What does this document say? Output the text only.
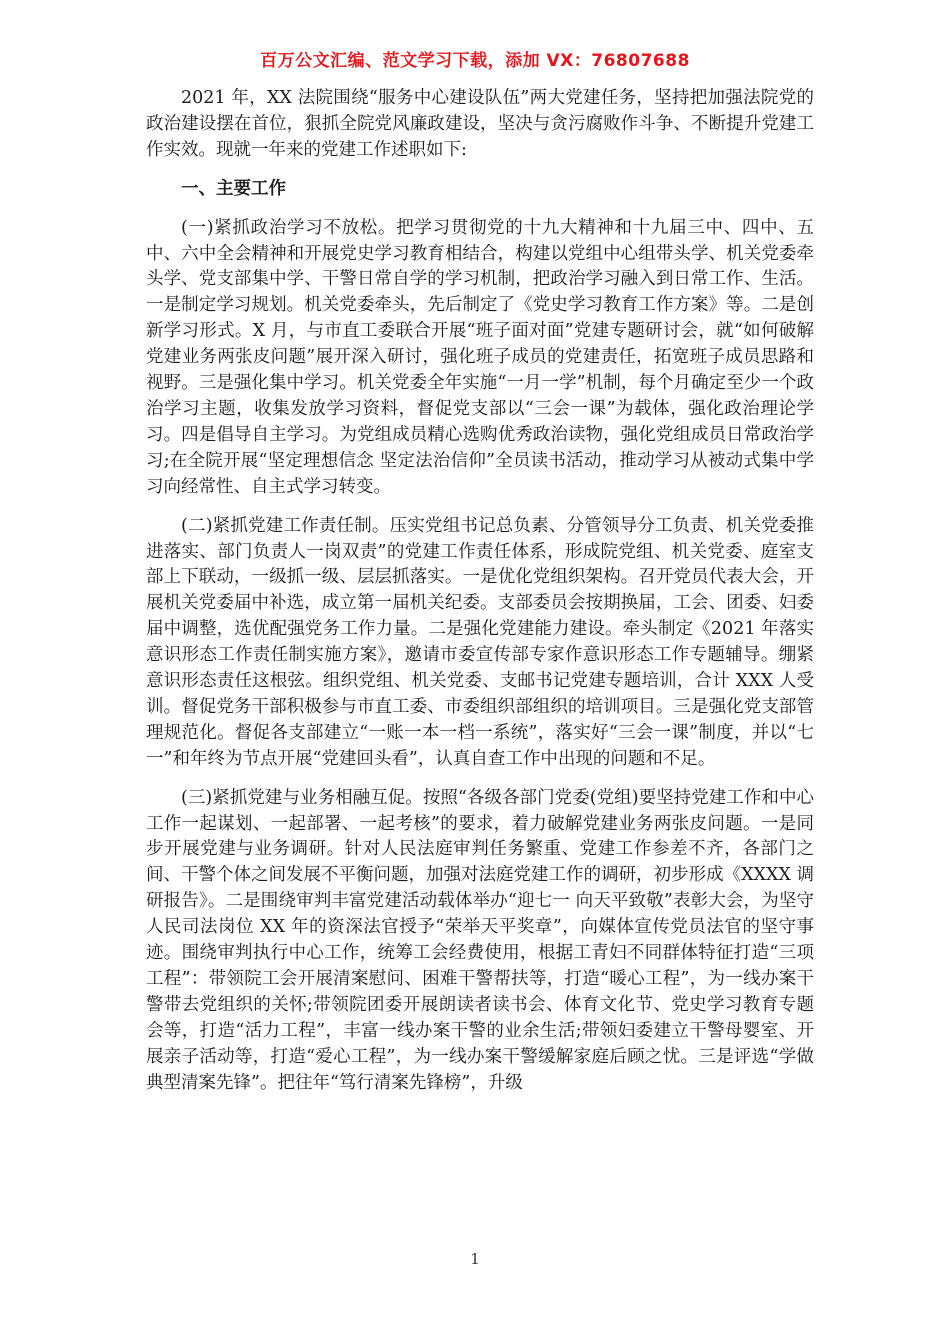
百万公文汇编、范文学习下载，添加 VX：76807688

2021 年，XX 法院围绕“服务中心建设队伍”两大党建任务，坚持把加强法院党的政治建设摆在首位，狠抓全院党风廉政建设，坚决与贪污腐败作斗争、不断提升党建工作实效。现就一年来的党建工作述职如下:

一、主要工作

(一)紧抓政治学习不放松。把学习贯彻党的十九大精神和十九届三中、四中、五中、六中全会精神和开展党史学习教育相结合，构建以党组中心组带头学、机关党委牵头学、党支部集中学、干警日常自学的学习机制，把政治学习融入到日常工作、生活。一是制定学习规划。机关党委牵头，先后制定了《党史学习教育工作方案》等。二是创新学习形式。X 月，与市直工委联合开展“班子面对面”党建专题研讨会，就“如何破解党建业务两张皮问题”展开深入研讨，强化班子成员的党建责任，拓宽班子成员思路和视野。三是强化集中学习。机关党委全年实施“一月一学”机制，每个月确定至少一个政治学习主题，收集发放学习资料，督促党支部以“三会一课”为载体，强化政治理论学习。四是倡导自主学习。为党组成员精心选购优秀政治读物，强化党组成员日常政治学习;在全院开展“坚定理想信念 坚定法治信仰”全员读书活动，推动学习从被动式集中学习向经常性、自主式学习转变。

(二)紧抓党建工作责任制。压实党组书记总负素、分管领导分工负责、机关党委推进落实、部门负责人一岗双责”的党建工作责任体系，形成院党组、机关党委、庭室支部上下联动，一级抓一级、层层抓落实。一是优化党组织架构。召开党员代表大会，开展机关党委届中补选，成立第一届机关纪委。支部委员会按期换届，工会、团委、妇委届中调整，选优配强党务工作力量。二是强化党建能力建设。牵头制定《2021 年落实意识形态工作责任制实施方案》，邀请市委宣传部专家作意识形态工作专题辅导。绷紧意识形态责任这根弦。组织党组、机关党委、支邮书记党建专题培训，合计 XXX 人受训。督促党务干部积极参与市直工委、市委组织部组织的培训项目。三是强化党支部管理规范化。督促各支部建立“一账一本一档一系统”，落实好“三会一课”制度，并以“七一”和年终为节点开展“党建回头看”，认真自查工作中出现的问题和不足。

(三)紧抓党建与业务相融互促。按照“各级各部门党委(党组)要坚持党建工作和中心工作一起谋划、一起部署、一起考核”的要求，着力破解党建业务两张皮问题。一是同步开展党建与业务调研。针对人民法庭审判任务繁重、党建工作参差不齐，各部门之间、干警个体之间发展不平衡问题，加强对法庭党建工作的调研，初步形成《XXXX 调研报告》。二是围绕审判丰富党建活动载体举办“迎七一 向天平致敬”表彰大会，为坚守人民司法岗位 XX 年的资深法官授予“荣举天平奖章”，向媒体宣传党员法官的坚守事迹。围绕审判执行中心工作，统筹工会经费使用，根据工青妇不同群体特征打造“三项工程”：带领院工会开展清案慰问、困难干警帮扶等，打造“暖心工程”，为一线办案干警带去党组织的关怀;带领院团委开展朗读者读书会、体育文化节、党史学习教育专题会等，打造“活力工程”，丰富一线办案干警的业余生活;带领妇委建立干警母婴室、开展亲子活动等，打造“爱心工程”，为一线办案干警缓解家庭后顾之忧。三是评选“学做典型清案先锋”。把往年“笃行清案先锋榜”，升级

1
